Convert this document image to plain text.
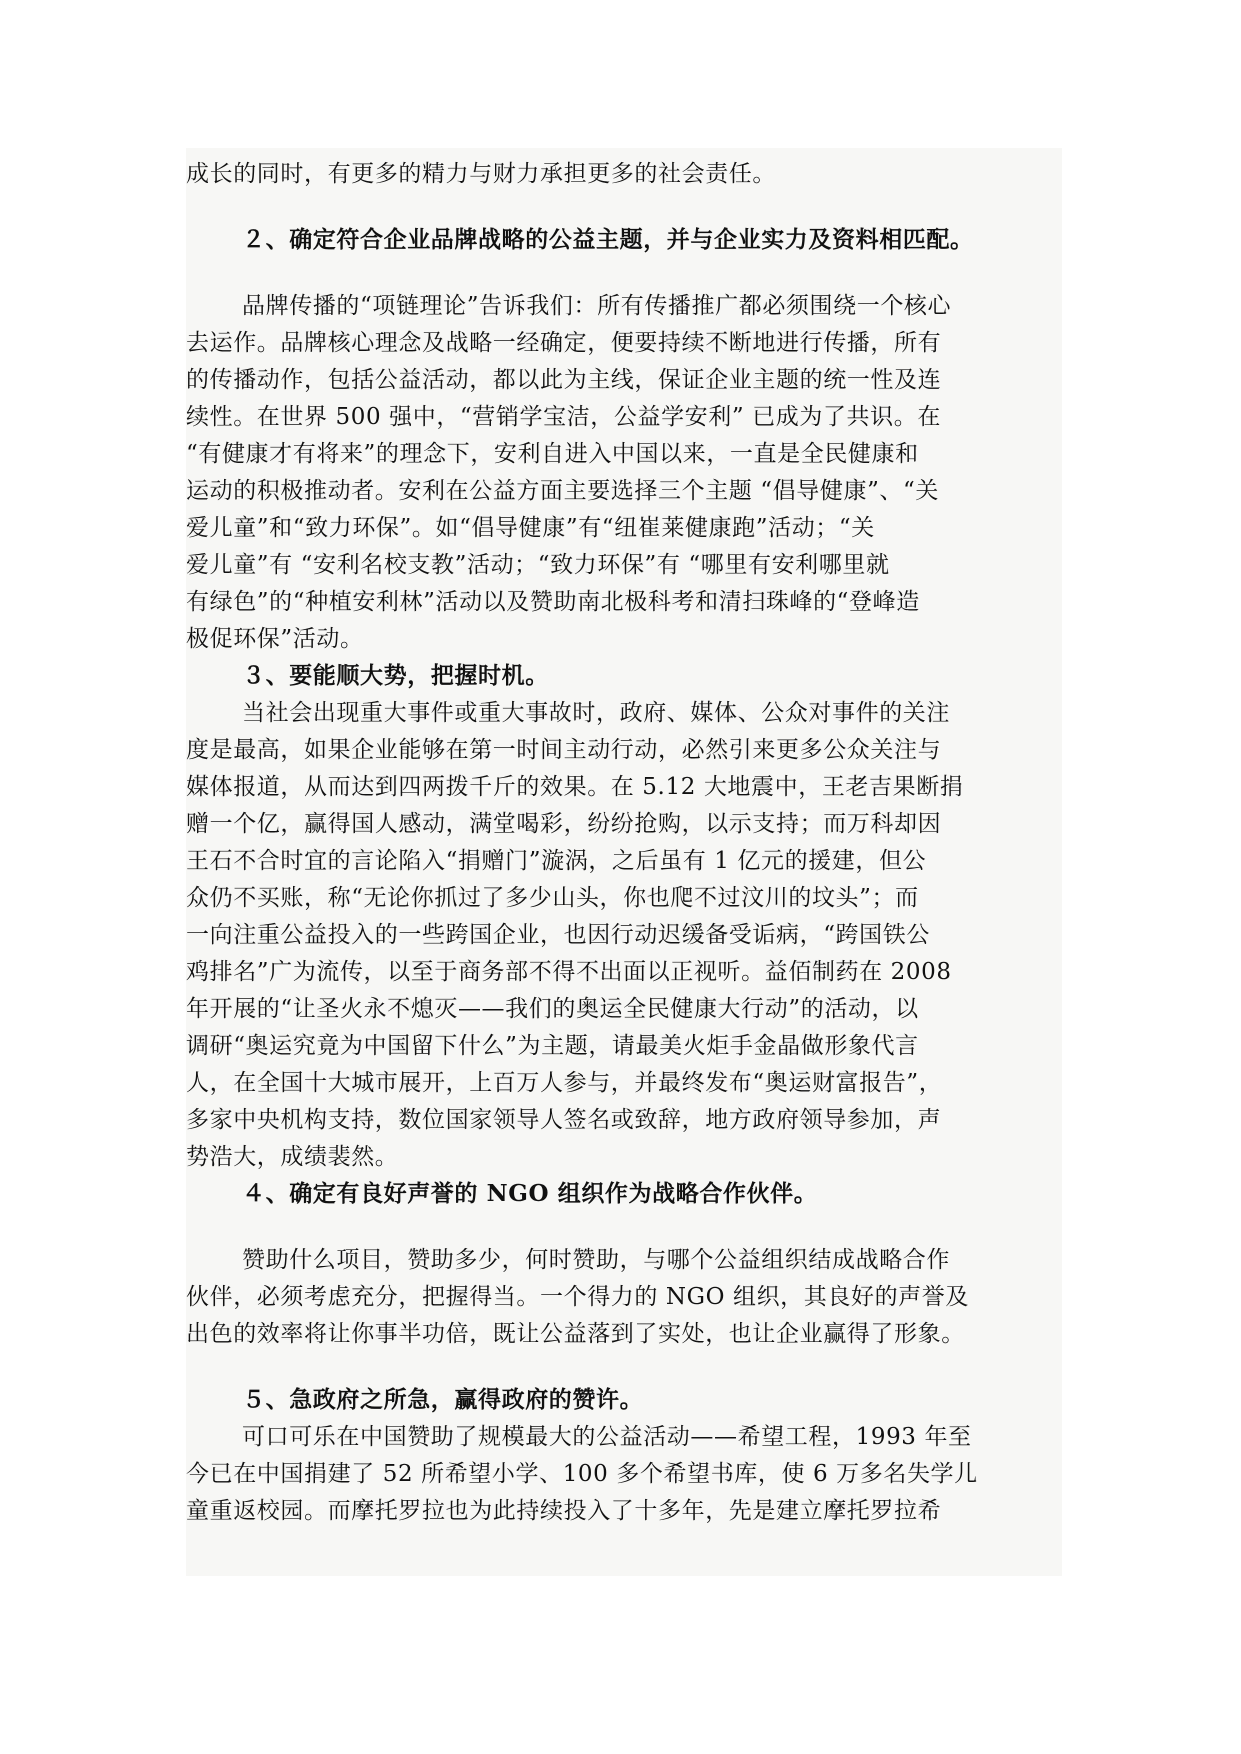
成长的同时，有更多的精力与财力承担更多的社会责任。
２、确定符合企业品牌战略的公益主题，并与企业实力及资料相匹配。
品牌传播的“项链理论”告诉我们：所有传播推广都必须围绕一个核心
去运作。品牌核心理念及战略一经确定，便要持续不断地进行传播，所有
的传播动作，包括公益活动，都以此为主线，保证企业主题的统一性及连
续性。在世界 500 强中，“营销学宝洁，公益学安利” 已成为了共识。在
“有健康才有将来”的理念下，安利自进入中国以来，一直是全民健康和
运动的积极推动者。安利在公益方面主要选择三个主题 “倡导健康”、“关
爱儿童”和“致力环保”。如“倡导健康”有“纽崔莱健康跑”活动；“关
爱儿童”有 “安利名校支教”活动；“致力环保”有 “哪里有安利哪里就
有绿色”的“种植安利林”活动以及赞助南北极科考和清扫珠峰的“登峰造
极促环保”活动。
３、要能顺大势，把握时机。
当社会出现重大事件或重大事故时，政府、媒体、公众对事件的关注
度是最高，如果企业能够在第一时间主动行动，必然引来更多公众关注与
媒体报道，从而达到四两拨千斤的效果。在 5.12 大地震中，王老吉果断捐
赠一个亿，赢得国人感动，满堂喝彩，纷纷抢购，以示支持；而万科却因
王石不合时宜的言论陷入“捐赠门”漩涡，之后虽有 1 亿元的援建，但公
众仍不买账，称“无论你抓过了多少山头，你也爬不过汶川的坟头”；而
一向注重公益投入的一些跨国企业，也因行动迟缓备受诟病，“跨国铁公
鸡排名”广为流传，以至于商务部不得不出面以正视听。益佰制药在 2008
年开展的“让圣火永不熄灭——我们的奥运全民健康大行动”的活动，以
调研“奥运究竟为中国留下什么”为主题，请最美火炬手金晶做形象代言
人，在全国十大城市展开，上百万人参与，并最终发布“奥运财富报告”，
多家中央机构支持，数位国家领导人签名或致辞，地方政府领导参加，声
势浩大，成绩裴然。
４、确定有良好声誉的 NGO 组织作为战略合作伙伴。
赞助什么项目，赞助多少，何时赞助，与哪个公益组织结成战略合作
伙伴，必须考虑充分，把握得当。一个得力的 NGO 组织，其良好的声誉及
出色的效率将让你事半功倍，既让公益落到了实处，也让企业赢得了形象。
５、急政府之所急，赢得政府的赞许。
可口可乐在中国赞助了规模最大的公益活动——希望工程，1993 年至
今已在中国捐建了 52 所希望小学、100 多个希望书库，使 6 万多名失学儿
童重返校园。而摩托罗拉也为此持续投入了十多年，先是建立摩托罗拉希
